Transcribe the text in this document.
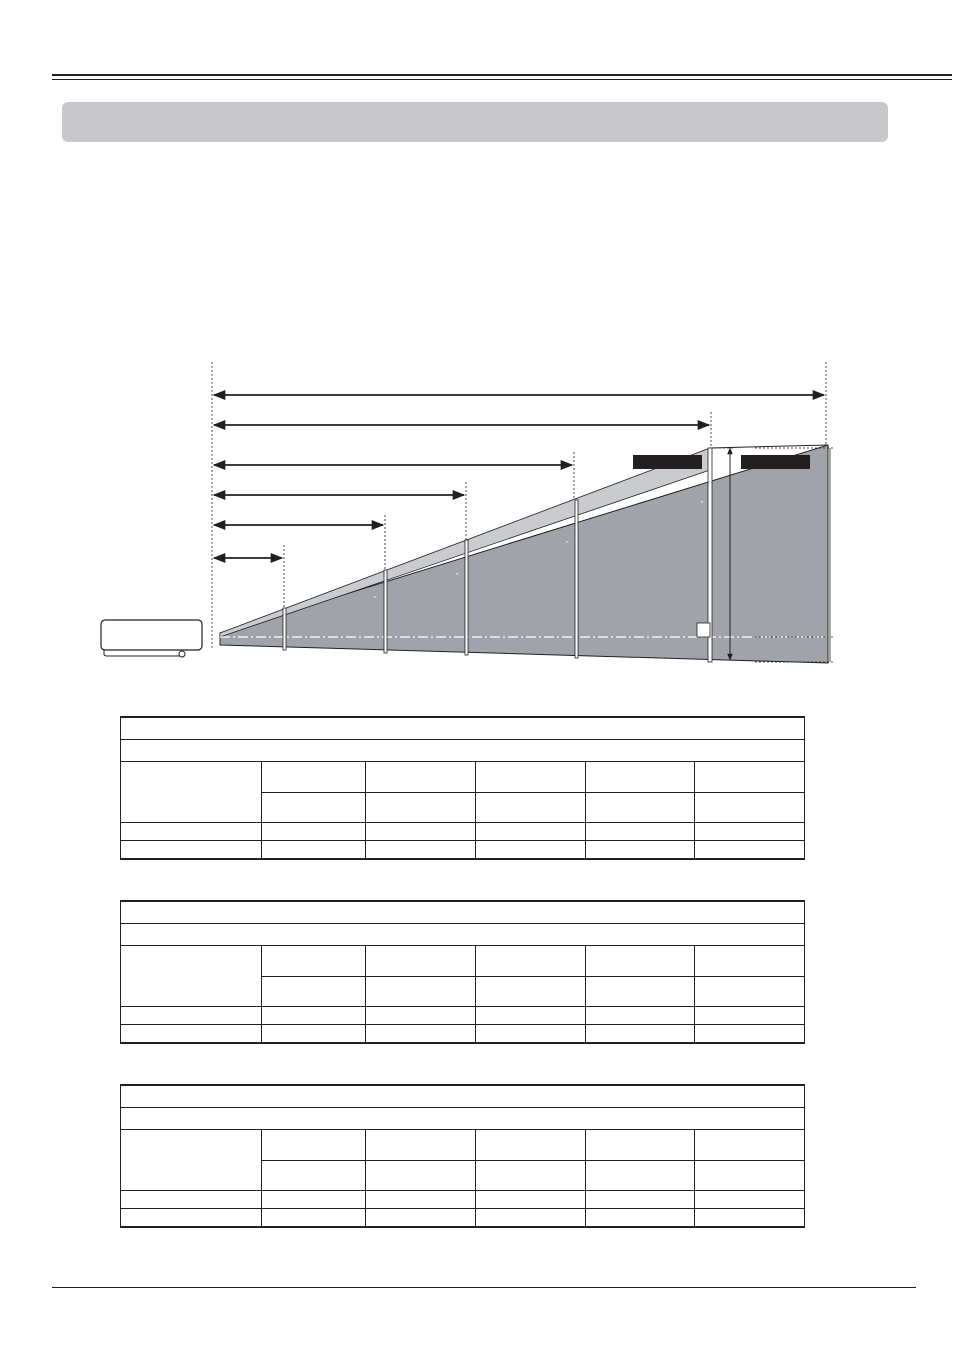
"
"
"
"
